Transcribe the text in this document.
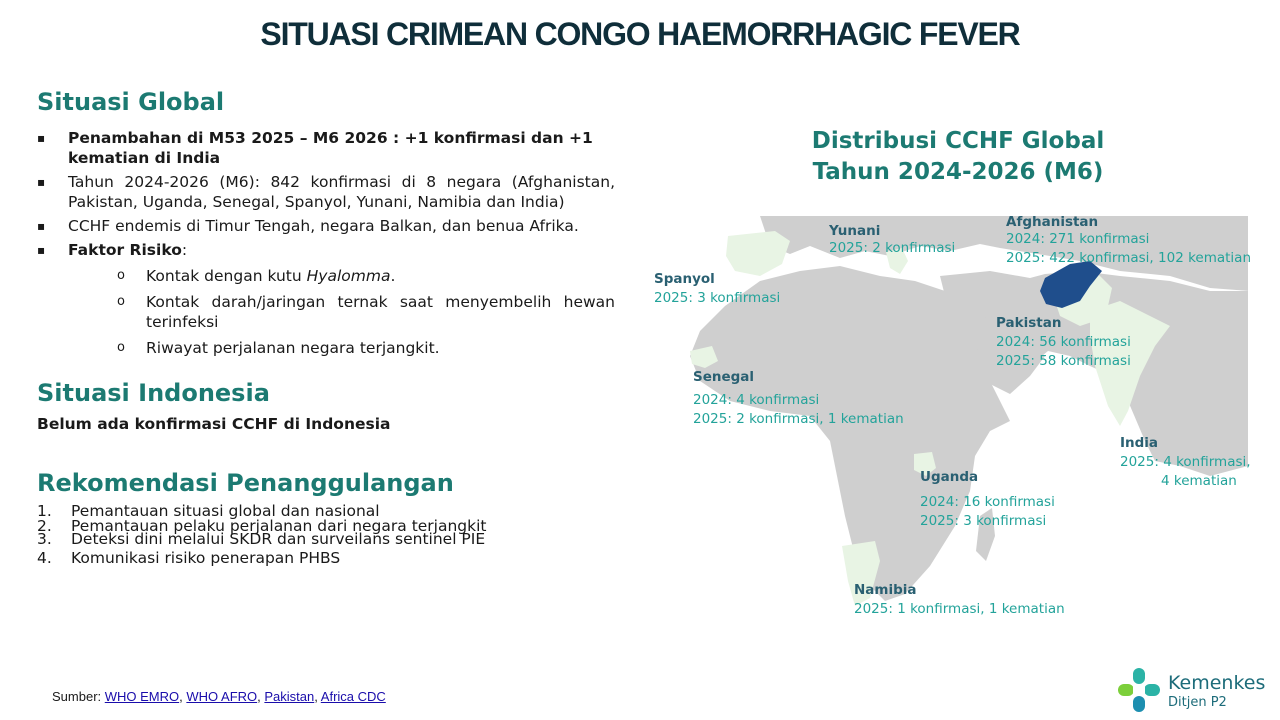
SITUASI CRIMEAN CONGO HAEMORRHAGIC FEVER
Situasi Global
▪ Penambahan di M53 2025 – M6 2026 : +1 konfirmasi dan +1 kematian di India
▪ Tahun 2024-2026 (M6): 842 konfirmasi di 8 negara (Afghanistan, Pakistan, Uganda, Senegal, Spanyol, Yunani, Namibia dan India)
▪ CCHF endemis di Timur Tengah, negara Balkan, dan benua Afrika.
▪ Faktor Risiko:
o Kontak dengan kutu Hyalomma.
o Kontak darah/jaringan ternak saat menyembelih hewan terinfeksi
o Riwayat perjalanan negara terjangkit.
Situasi Indonesia
Belum ada konfirmasi CCHF di Indonesia
Rekomendasi Penanggulangan
1. Pemantauan situasi global dan nasional
2. Pemantauan pelaku perjalanan dari negara terjangkit
3. Deteksi dini melalui SKDR dan surveilans sentinel PIE
4. Komunikasi risiko penerapan PHBS
Sumber: WHO EMRO, WHO AFRO, Pakistan, Africa CDC
Distribusi CCHF Global
Tahun 2024-2026 (M6)
Yunani
2025: 2 konfirmasi
Afghanistan
2024: 271 konfirmasi
2025: 422 konfirmasi, 102 kematian
Spanyol
2025: 3 konfirmasi
Pakistan
2024: 56 konfirmasi
2025: 58 konfirmasi
Senegal
2024: 4 konfirmasi
2025: 2 konfirmasi, 1 kematian
India
2025: 4 konfirmasi,
4 kematian
Uganda
2024: 16 konfirmasi
2025: 3 konfirmasi
Namibia
2025: 1 konfirmasi, 1 kematian
Kemenkes
Ditjen P2
